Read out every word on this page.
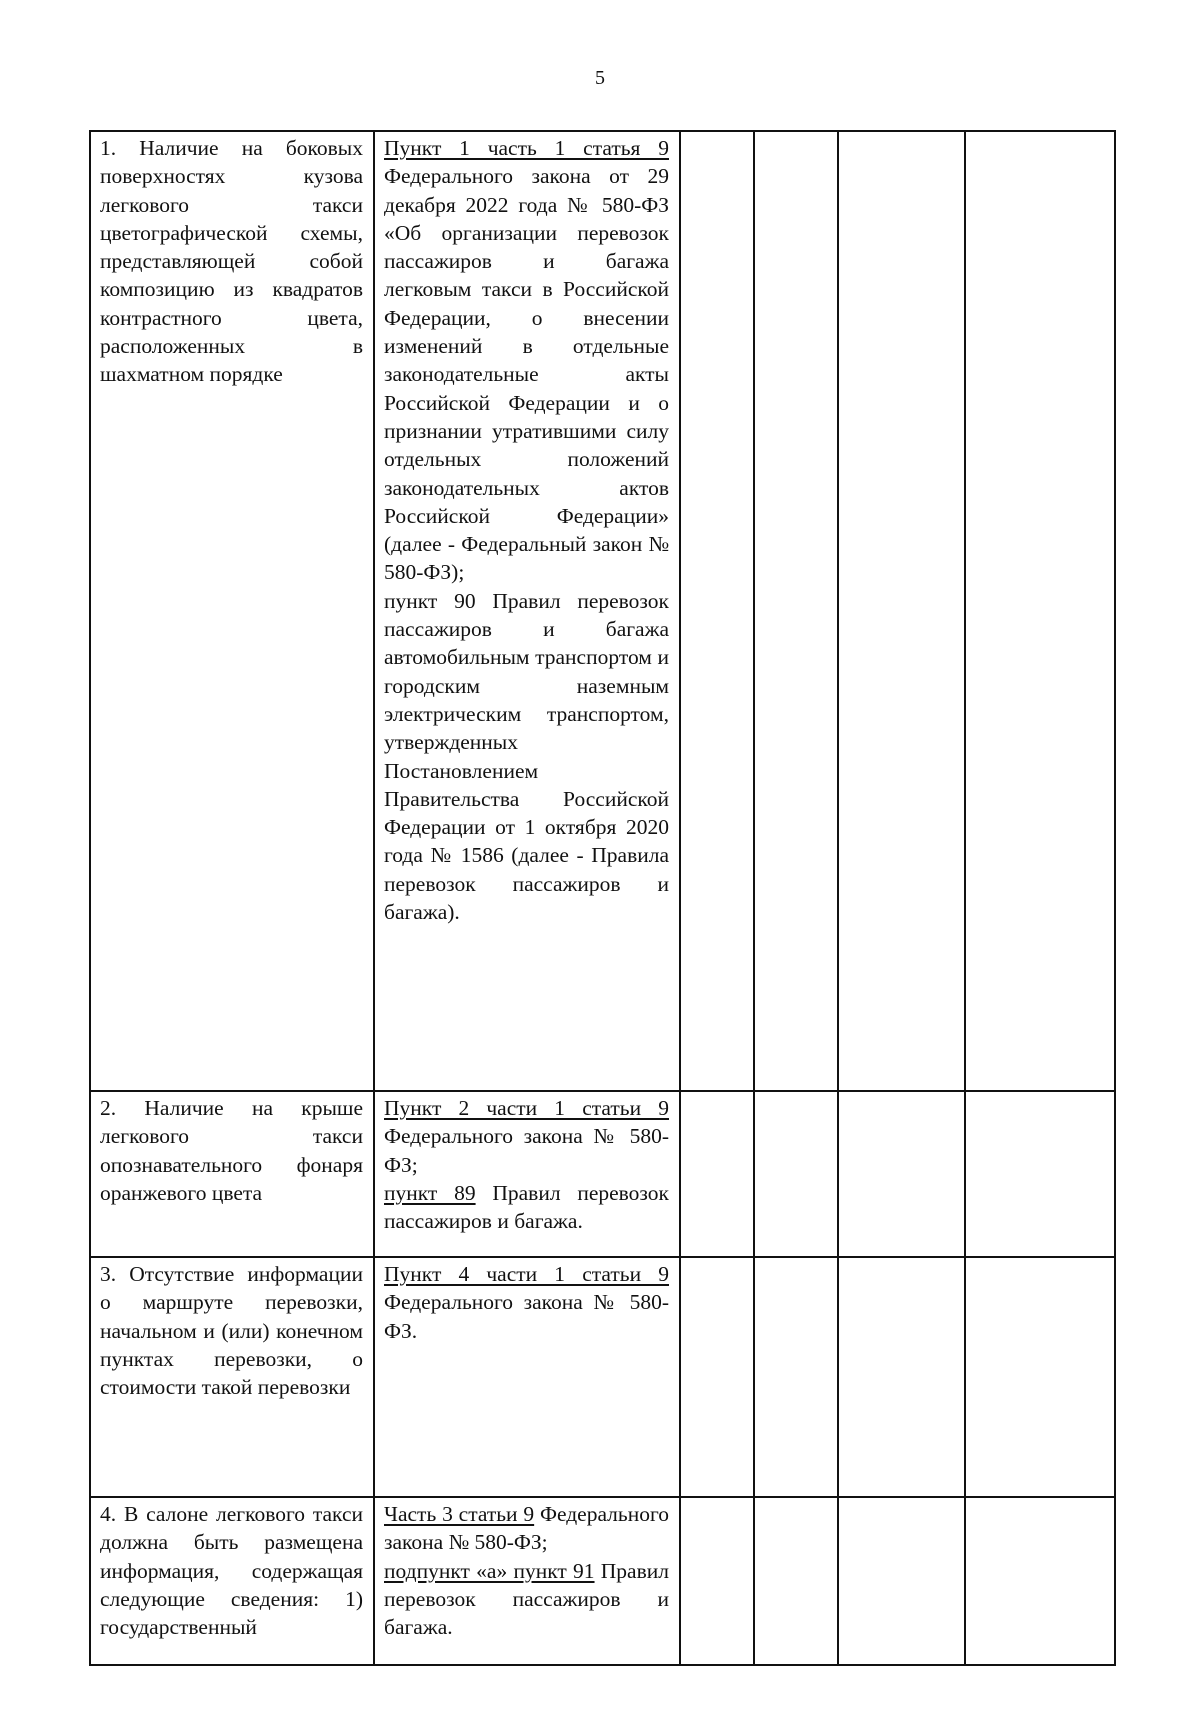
5
1. Наличие на боковых поверхностях кузова легкового такси цветографической схемы, представляющей собой композицию из квадратов контрастного цвета, расположенных в шахматном порядке	Пункт 1 часть 1 статья 9 Федерального закона от 29 декабря 2022 года № 580-ФЗ «Об организации перевозок пассажиров и багажа легковым такси в Российской Федерации, о внесении изменений в отдельные законодательные акты Российской Федерации и о признании утратившими силу отдельных положений законодательных актов Российской Федерации» (далее - Федеральный закон № 580-ФЗ);
пункт 90 Правил перевозок пассажиров и багажа автомобильным транспортом и городским наземным электрическим транспортом, утвержденных Постановлением Правительства Российской Федерации от 1 октября 2020 года № 1586 (далее - Правила перевозок пассажиров и багажа).				

2. Наличие на крыше легкового такси опознавательного фонаря оранжевого цвета	Пункт 2 части 1 статьи 9 Федерального закона № 580-ФЗ;
пункт 89 Правил перевозок пассажиров и багажа.				

3. Отсутствие информации о маршруте перевозки, начальном и (или) конечном пунктах перевозки, о стоимости такой перевозки	Пункт 4 части 1 статьи 9 Федерального закона № 580-ФЗ.				
4. В салоне легкового такси должна быть размещена информация, содержащая следующие сведения: 1) государственный	Часть 3 статьи 9 Федерального закона № 580-ФЗ;
подпункт «а» пункт 91 Правил перевозок пассажиров и багажа.				
